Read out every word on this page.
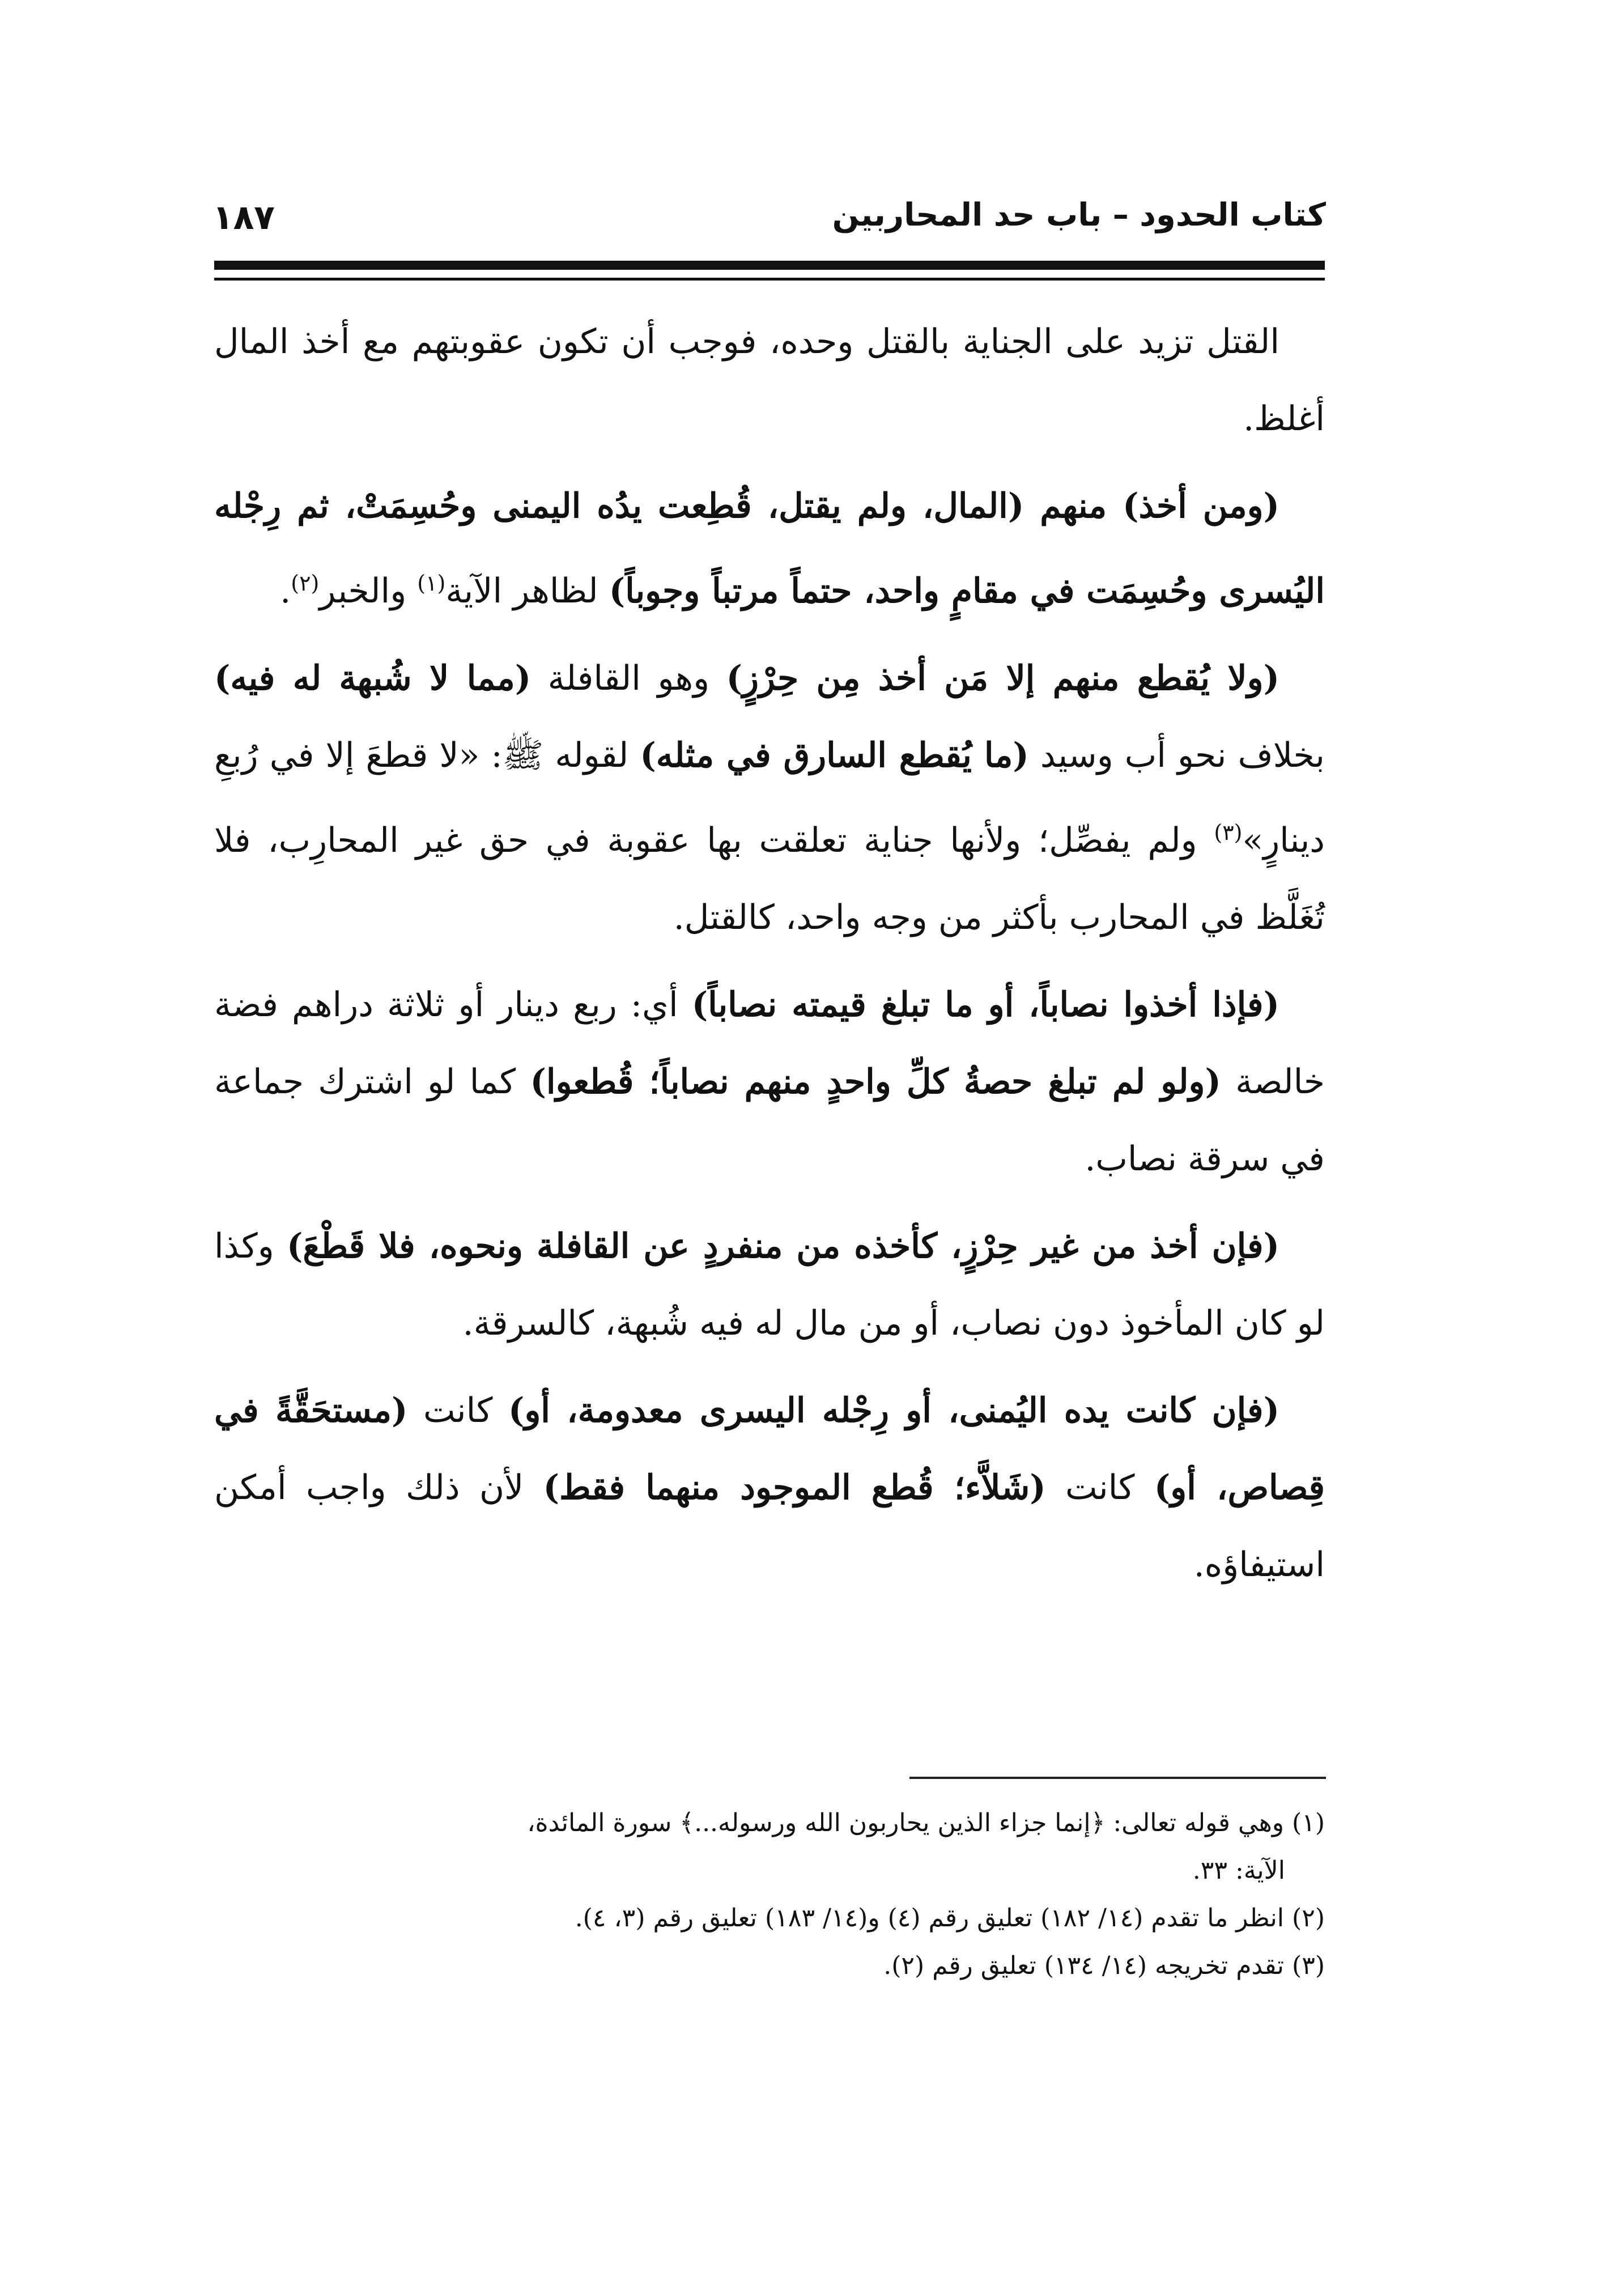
كتاب الحدود – باب حد المحاربين
١٨٧

القتل تزيد على الجناية بالقتل وحده، فوجب أن تكون عقوبتهم مع أخذ المال أغلظ.

(ومن أخذ) منهم (المال، ولم يقتل، قُطِعت يدُه اليمنى وحُسِمَتْ، ثم رِجْله اليُسرى وحُسِمَت في مقامٍ واحد، حتماً مرتباً وجوباً) لظاهر الآية$^{(١)}$ والخبر$^{(٢)}$.

(ولا يُقطع منهم إلا مَن أخذ مِن حِرْزٍ) وهو القافلة (مما لا شُبهة له فيه) بخلاف نحو أب وسيد (ما يُقطع السارق في مثله) لقوله ﷺ: «لا قطعَ إلا في رُبعِ دينارٍ»$^{(٣)}$ ولم يفصِّل؛ ولأنها جناية تعلقت بها عقوبة في حق غير المحارِب، فلا تُغَلَّظ في المحارب بأكثر من وجه واحد، كالقتل.

(فإذا أخذوا نصاباً، أو ما تبلغ قيمته نصاباً) أي: ربع دينار أو ثلاثة دراهم فضة خالصة (ولو لم تبلغ حصةُ كلِّ واحدٍ منهم نصاباً؛ قُطعوا) كما لو اشترك جماعة في سرقة نصاب.

(فإن أخذ من غير حِرْزٍ، كأخذه من منفردٍ عن القافلة ونحوه، فلا قَطْعَ) وكذا لو كان المأخوذ دون نصاب، أو من مال له فيه شُبهة، كالسرقة.

(فإن كانت يده اليُمنى، أو رِجْله اليسرى معدومة، أو) كانت (مستحَقَّةً في قِصاص، أو) كانت (شَلاَّء؛ قُطع الموجود منهما فقط) لأن ذلك واجب أمكن استيفاؤه.

(١) وهي قوله تعالى: ﴿إنما جزاء الذين يحاربون الله ورسوله...﴾ سورة المائدة،

الآية: ٣٣.

(٢) انظر ما تقدم (١٤/ ١٨٢) تعليق رقم (٤) و(١٤/ ١٨٣) تعليق رقم (٣، ٤).

(٣) تقدم تخريجه (١٤/ ١٣٤) تعليق رقم (٢).
